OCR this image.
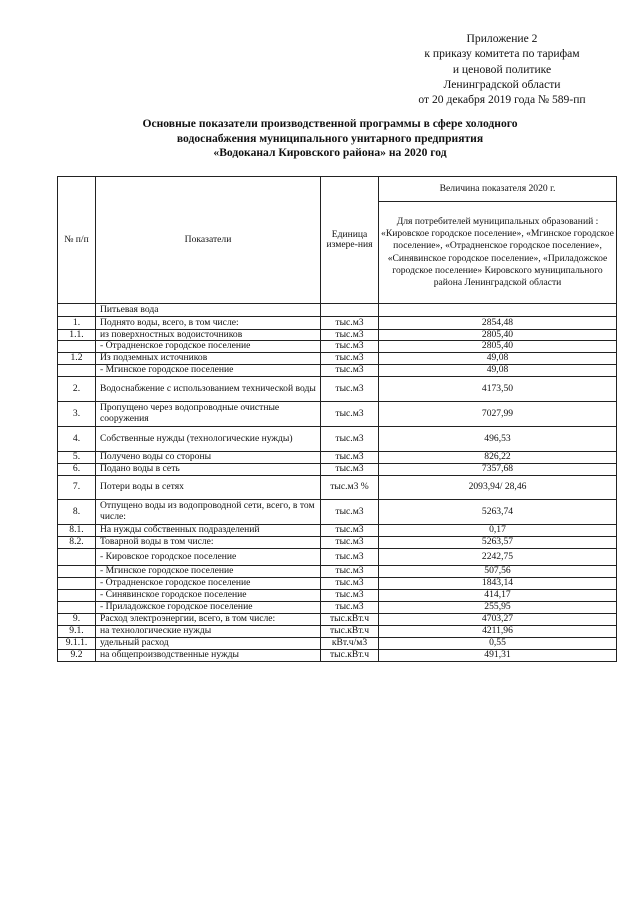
Приложение 2
к приказу комитета по тарифам
и ценовой политике
Ленинградской области
от 20 декабря 2019 года № 589-пп
Основные показатели производственной программы в сфере холодного
водоснабжения муниципального унитарного предприятия
«Водоканал Кировского района» на 2020 год
№ п/п	Показатели	Единица измере-ния	Величина показателя 2020 г.
			Для потребителей муниципальных образований : «Кировское городское поселение», «Мгинское городское поселение», «Отрадненское городское поселение», «Синявинское городское поселение», «Приладожское городское поселение» Кировского муниципального района Ленинградской области
	Питьевая вода		
1.	Поднято воды, всего, в том числе:	тыс.м3	2854,48
1.1.	из поверхностных водоисточников	тыс.м3	2805,40
	- Отрадненское городское поселение	тыс.м3	2805,40
1.2	Из подземных источников	тыс.м3	49,08
	- Мгинское городское поселение	тыс.м3	49,08
2.	Водоснабжение с использованием технической воды	тыс.м3	4173,50
3.	Пропущено через водопроводные очистные сооружения	тыс.м3	7027,99
4.	Собственные нужды (технологические нужды)	тыс.м3	496,53
5.	Получено воды со стороны	тыс.м3	826,22
6.	Подано воды в сеть	тыс.м3	7357,68
7.	Потери воды в сетях	тыс.м3 %	2093,94/ 28,46
8.	Отпущено воды из водопроводной сети, всего, в том числе:	тыс.м3	5263,74
8.1.	На нужды собственных подразделений	тыс.м3	0,17
8.2.	Товарной воды в том числе:	тыс.м3	5263,57
	- Кировское городское поселение	тыс.м3	2242,75
	- Мгинское городское поселение	тыс.м3	507,56
	- Отрадненское городское поселение	тыс.м3	1843,14
	- Синявинское городское поселение	тыс.м3	414,17
	- Приладожское городское поселение	тыс.м3	255,95
9.	Расход электроэнергии, всего, в том числе:	тыс.кВт.ч	4703,27
9.1.	на технологические нужды	тыс.кВт.ч	4211,96
9.1.1.	удельный расход	кВт.ч/м3	0,55
9.2	на общепроизводственные нужды	тыс.кВт.ч	491,31
